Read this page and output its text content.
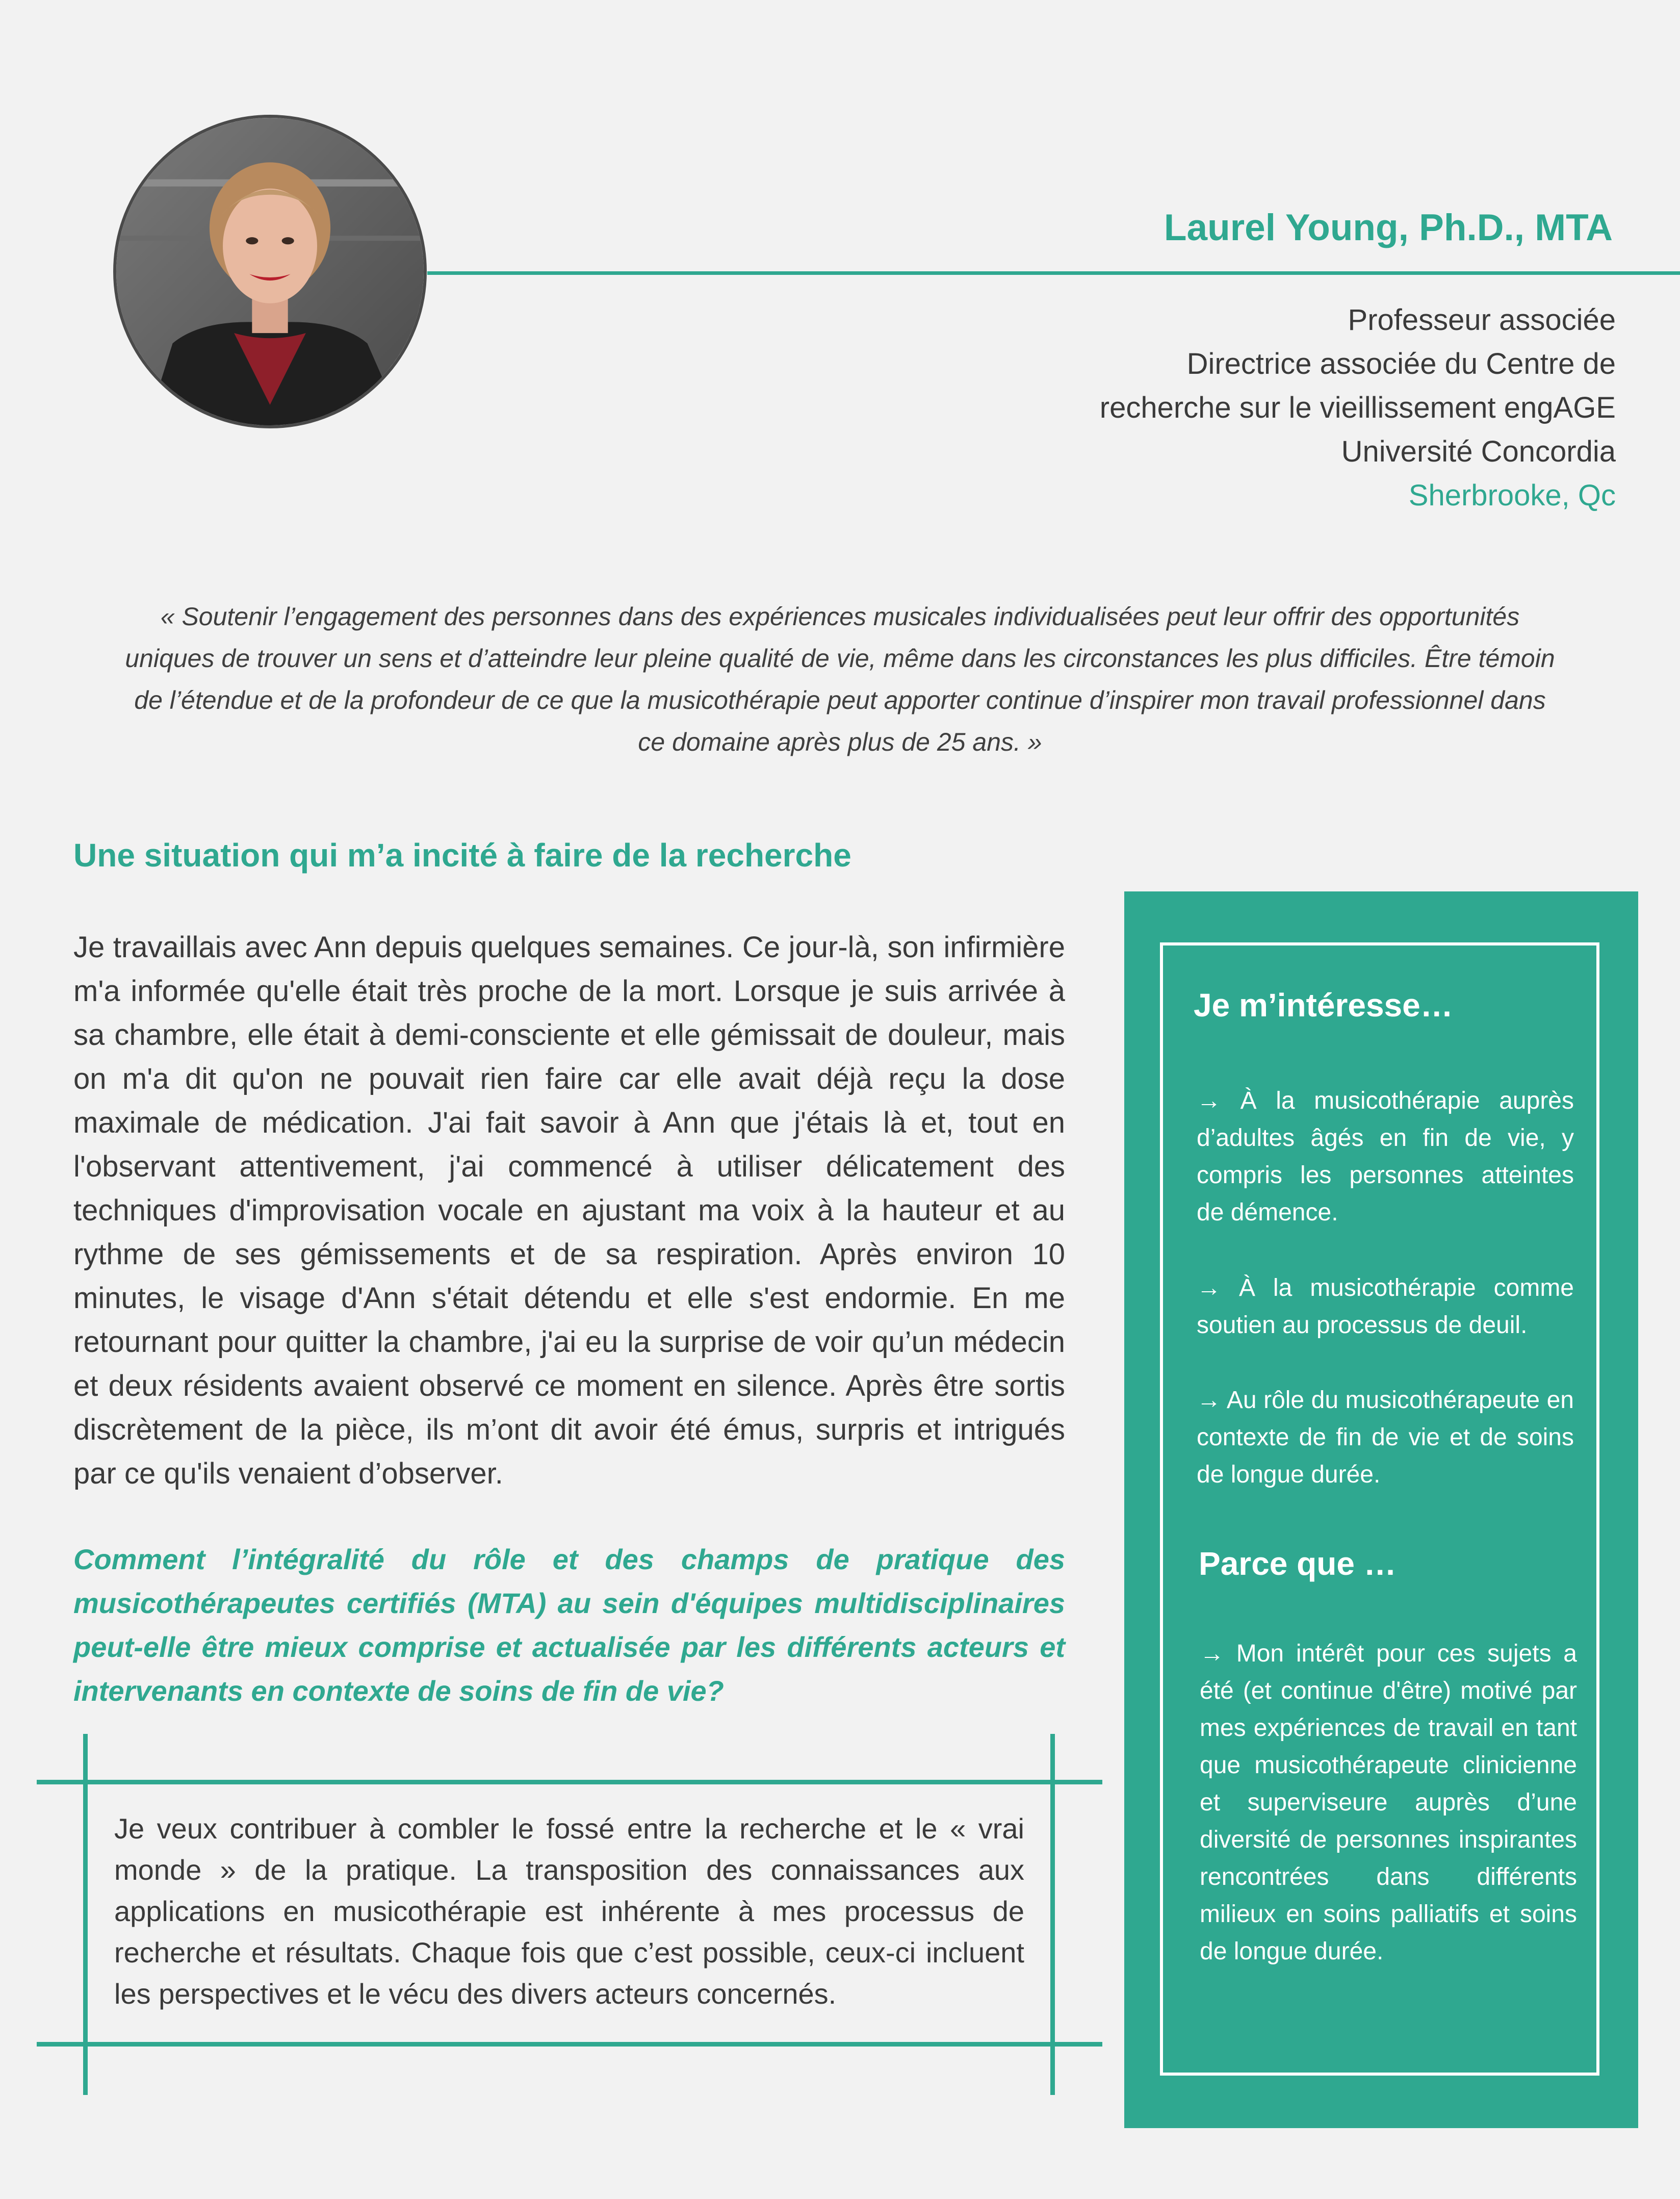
Laurel Young, Ph.D., MTA
Professeur associée
Directrice associée du Centre de
recherche sur le vieillissement engAGE
Université Concordia
Sherbrooke, Qc
« Soutenir l’engagement des personnes dans des expériences musicales individualisées peut leur offrir des opportunités uniques de trouver un sens et d’atteindre leur pleine qualité de vie, même dans les circonstances les plus difficiles. Être témoin de l’étendue et de la profondeur de ce que la musicothérapie peut apporter continue d’inspirer mon travail professionnel dans ce domaine après plus de 25 ans. »
Une situation qui m’a incité à faire de la recherche
Je travaillais avec Ann depuis quelques semaines. Ce jour-là, son infirmière m'a informée qu'elle était très proche de la mort. Lorsque je suis arrivée à sa chambre, elle était à demi-consciente et elle gémissait de douleur, mais on m'a dit qu'on ne pouvait rien faire car elle avait déjà reçu la dose maximale de médication. J'ai fait savoir à Ann que j'étais là et, tout en l'observant attentivement, j'ai commencé à utiliser délicatement des techniques d'improvisation vocale en ajustant ma voix à la hauteur et au rythme de ses gémissements et de sa respiration. Après environ 10 minutes, le visage d'Ann s'était détendu et elle s'est endormie. En me retournant pour quitter la chambre, j'ai eu la surprise de voir qu’un médecin et deux résidents avaient observé ce moment en silence. Après être sortis discrètement de la pièce, ils m’ont dit avoir été émus, surpris et intrigués par ce qu'ils venaient d’observer.
Comment l’intégralité du rôle et des champs de pratique des musicothérapeutes certifiés (MTA) au sein d'équipes multidisciplinaires peut-elle être mieux comprise et actualisée par les différents acteurs et intervenants en contexte de soins de fin de vie?
Je veux contribuer à combler le fossé entre la recherche et le « vrai monde » de la pratique. La transposition des connaissances aux applications en musicothérapie est inhérente à mes processus de recherche et résultats. Chaque fois que c’est possible, ceux-ci incluent les perspectives et le vécu des divers acteurs concernés.
Je m’intéresse…
→ À la musicothérapie auprès d’adultes âgés en fin de vie, y compris les personnes atteintes de démence.
→ À la musicothérapie comme soutien au processus de deuil.
→ Au rôle du musicothérapeute en contexte de fin de vie et de soins de longue durée.
Parce que …
→ Mon intérêt pour ces sujets a été (et continue d'être) motivé par mes expériences de travail en tant que musicothérapeute clinicienne et superviseure auprès d’une diversité de personnes inspirantes rencontrées dans différents milieux en soins palliatifs et soins de longue durée.
